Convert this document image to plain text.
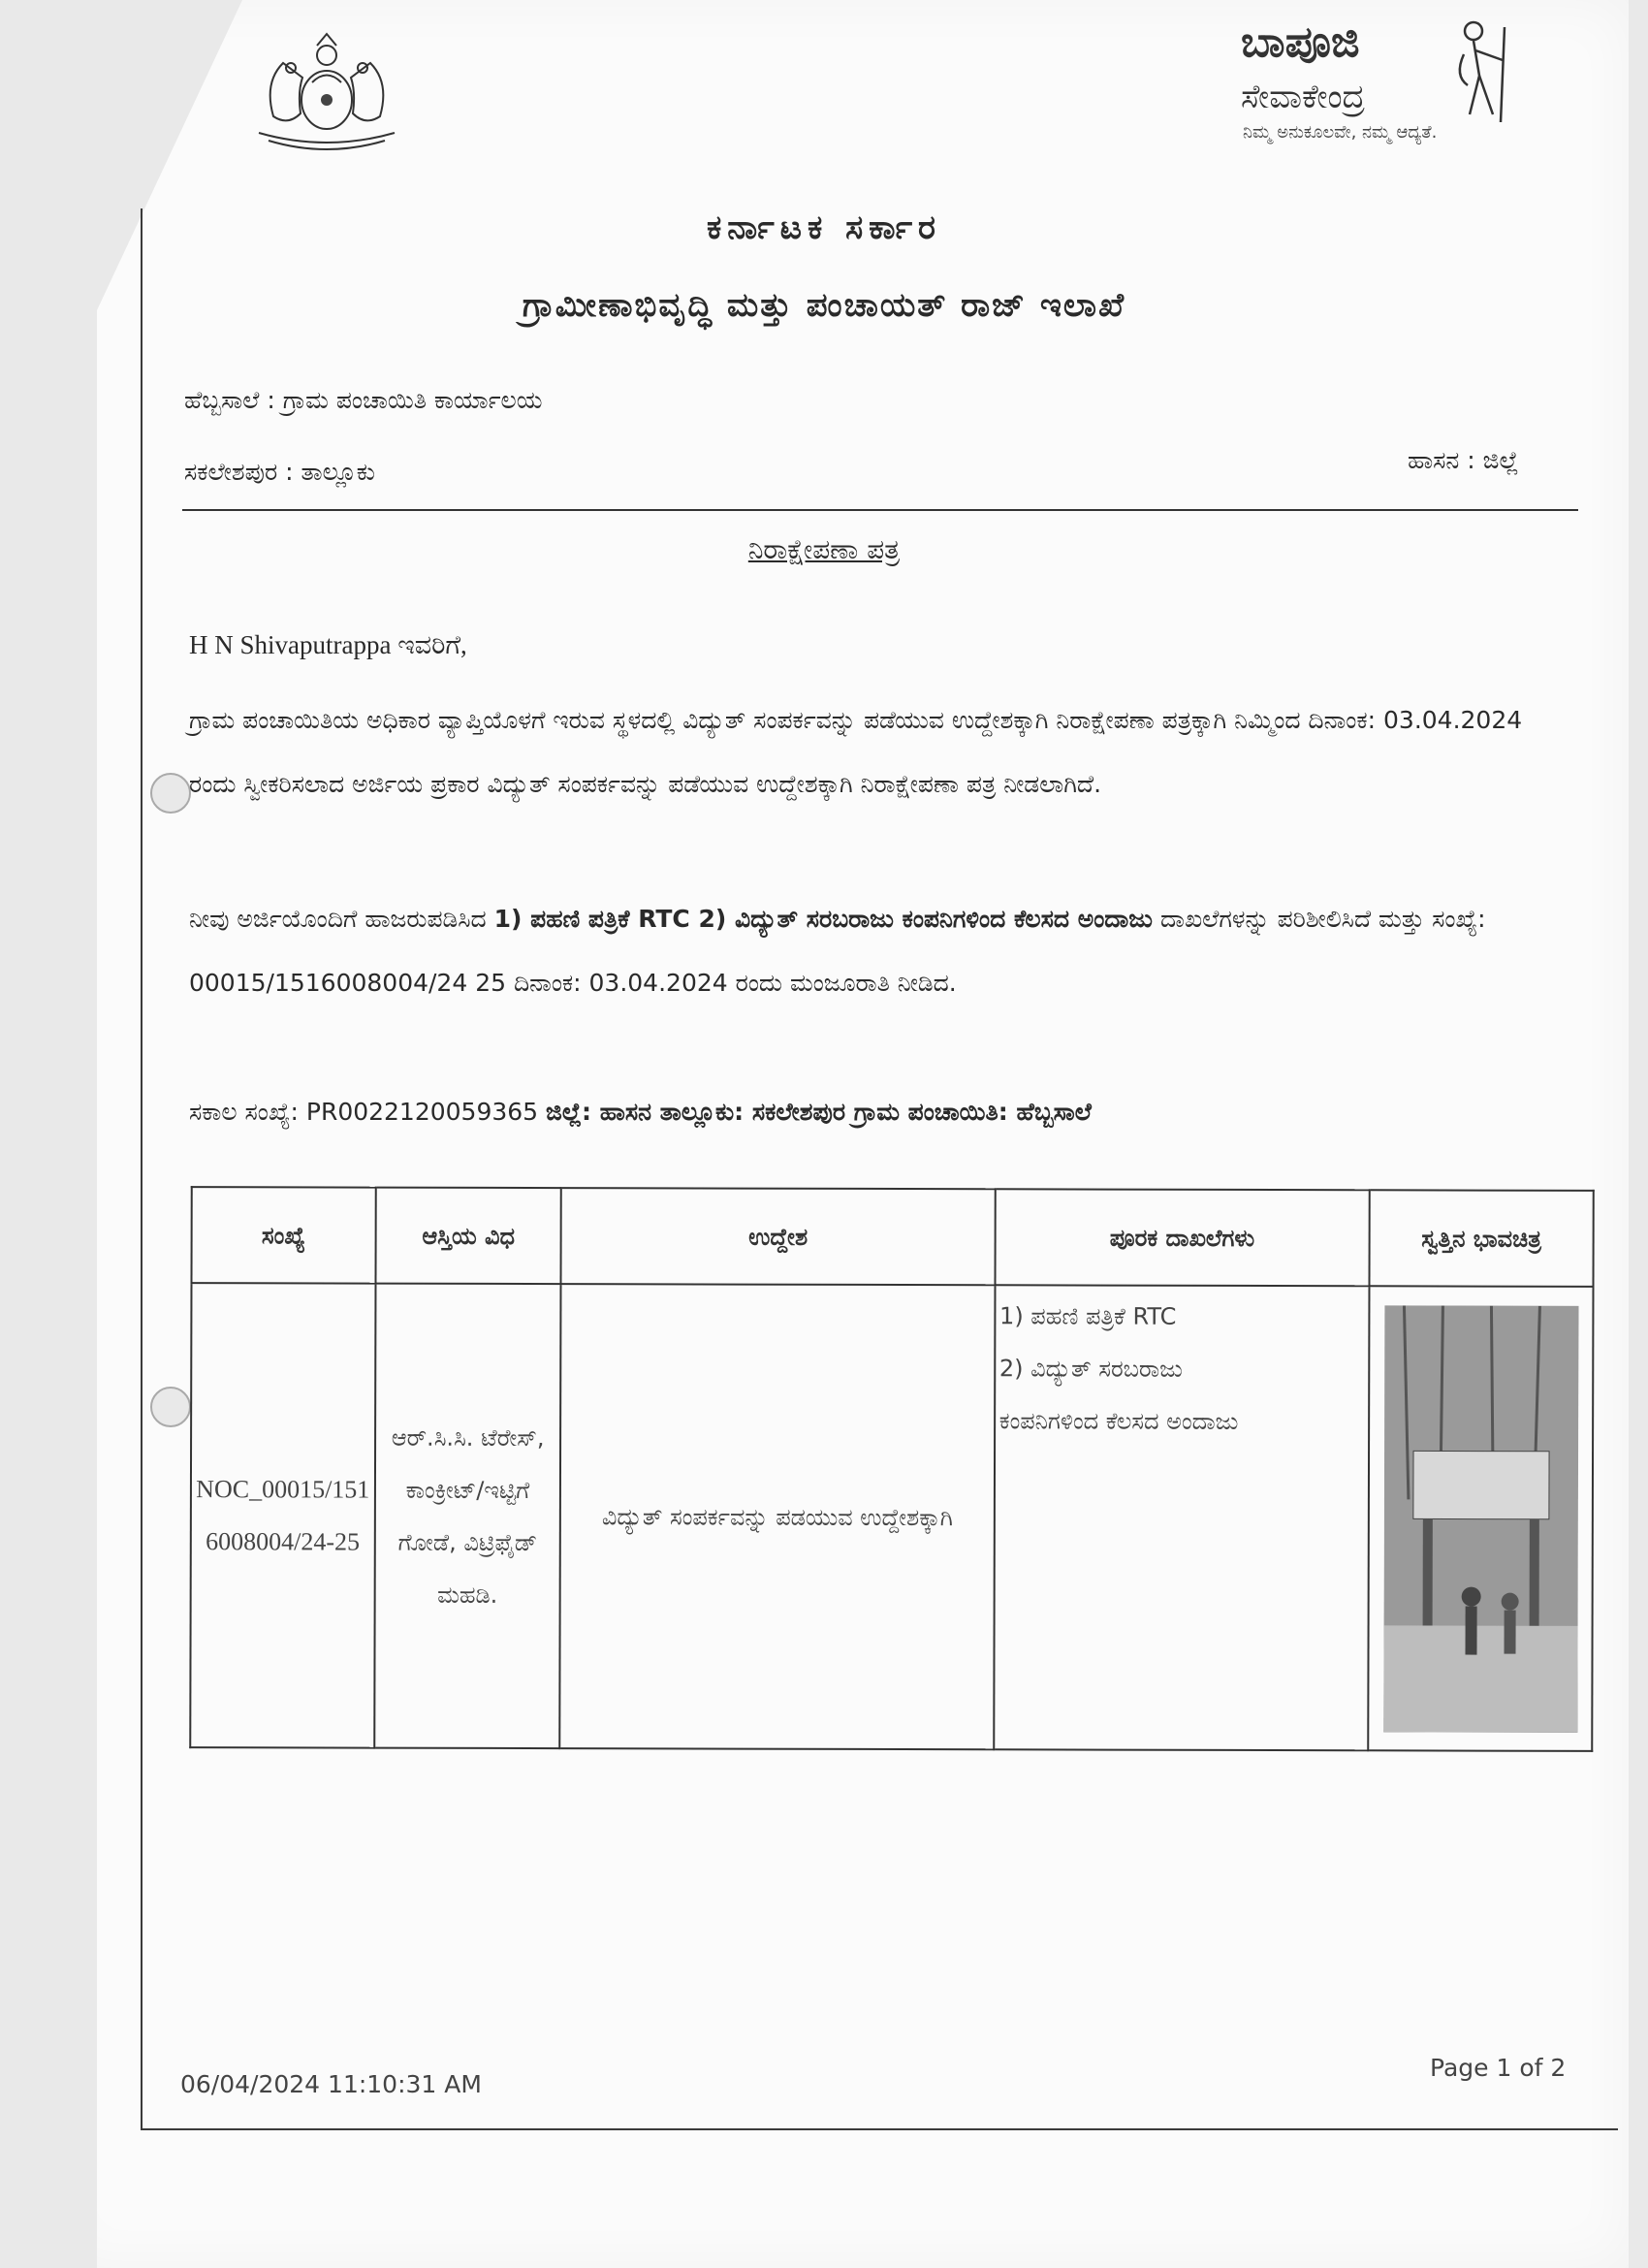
ಬಾಪೂಜಿ
ಸೇವಾಕೇಂದ್ರ
ನಿಮ್ಮ ಅನುಕೂಲವೇ, ನಮ್ಮ ಆದ್ಯತೆ.
ಕರ್ನಾಟಕ ಸರ್ಕಾರ
ಗ್ರಾಮೀಣಾಭಿವೃದ್ಧಿ ಮತ್ತು ಪಂಚಾಯತ್ ರಾಜ್ ಇಲಾಖೆ
ಹೆಬ್ಬಸಾಲೆ : ಗ್ರಾಮ ಪಂಚಾಯಿತಿ ಕಾರ್ಯಾಲಯ
ಸಕಲೇಶಪುರ : ತಾಲ್ಲೂಕು	ಹಾಸನ : ಜಿಲ್ಲೆ
ನಿರಾಕ್ಷೇಪಣಾ ಪತ್ರ
H N Shivaputrappa ಇವರಿಗೆ,
ಗ್ರಾಮ ಪಂಚಾಯಿತಿಯ ಅಧಿಕಾರ ವ್ಯಾಪ್ತಿಯೊಳಗೆ ಇರುವ ಸ್ಥಳದಲ್ಲಿ ವಿದ್ಯುತ್ ಸಂಪರ್ಕವನ್ನು ಪಡೆಯುವ ಉದ್ದೇಶಕ್ಕಾಗಿ ನಿರಾಕ್ಷೇಪಣಾ ಪತ್ರಕ್ಕಾಗಿ ನಿಮ್ಮಿಂದ ದಿನಾಂಕ: 03.04.2024 ರಂದು ಸ್ವೀಕರಿಸಲಾದ ಅರ್ಜಿಯ ಪ್ರಕಾರ ವಿದ್ಯುತ್ ಸಂಪರ್ಕವನ್ನು ಪಡೆಯುವ ಉದ್ದೇಶಕ್ಕಾಗಿ ನಿರಾಕ್ಷೇಪಣಾ ಪತ್ರ ನೀಡಲಾಗಿದೆ.
ನೀವು ಅರ್ಜಿಯೊಂದಿಗೆ ಹಾಜರುಪಡಿಸಿದ 1) ಪಹಣಿ ಪತ್ರಿಕೆ RTC 2) ವಿದ್ಯುತ್ ಸರಬರಾಜು ಕಂಪನಿಗಳಿಂದ ಕೆಲಸದ ಅಂದಾಜು ದಾಖಲೆಗಳನ್ನು ಪರಿಶೀಲಿಸಿದೆ ಮತ್ತು ಸಂಖ್ಯೆ: 00015/1516008004/24 25 ದಿನಾಂಕ: 03.04.2024 ರಂದು ಮಂಜೂರಾತಿ ನೀಡಿದ.
ಸಕಾಲ ಸಂಖ್ಯೆ: PR0022120059365 ಜಿಲ್ಲೆ: ಹಾಸನ ತಾಲ್ಲೂಕು: ಸಕಲೇಶಪುರ ಗ್ರಾಮ ಪಂಚಾಯಿತಿ: ಹೆಬ್ಬಸಾಲೆ
ಸಂಖ್ಯೆ	ಆಸ್ತಿಯ ವಿಧ	ಉದ್ದೇಶ	ಪೂರಕ ದಾಖಲೆಗಳು	ಸ್ವತ್ತಿನ ಭಾವಚಿತ್ರ
NOC_00015/1516008004/24-25	ಆರ್.ಸಿ.ಸಿ. ಟೆರೇಸ್, ಕಾಂಕ್ರೀಟ್/ಇಟ್ಟಿಗೆ ಗೋಡೆ, ವಿಟ್ರಿಫೈಡ್ ಮಹಡಿ.	ವಿದ್ಯುತ್ ಸಂಪರ್ಕವನ್ನು ಪಡಯುವ ಉದ್ದೇಶಕ್ಕಾಗಿ	1) ಪಹಣಿ ಪತ್ರಿಕೆ RTC
2) ವಿದ್ಯುತ್ ಸರಬರಾಜು
ಕಂಪನಿಗಳಿಂದ ಕೆಲಸದ ಅಂದಾಜು

06/04/2024 11:10:31 AM
Page 1 of 2
